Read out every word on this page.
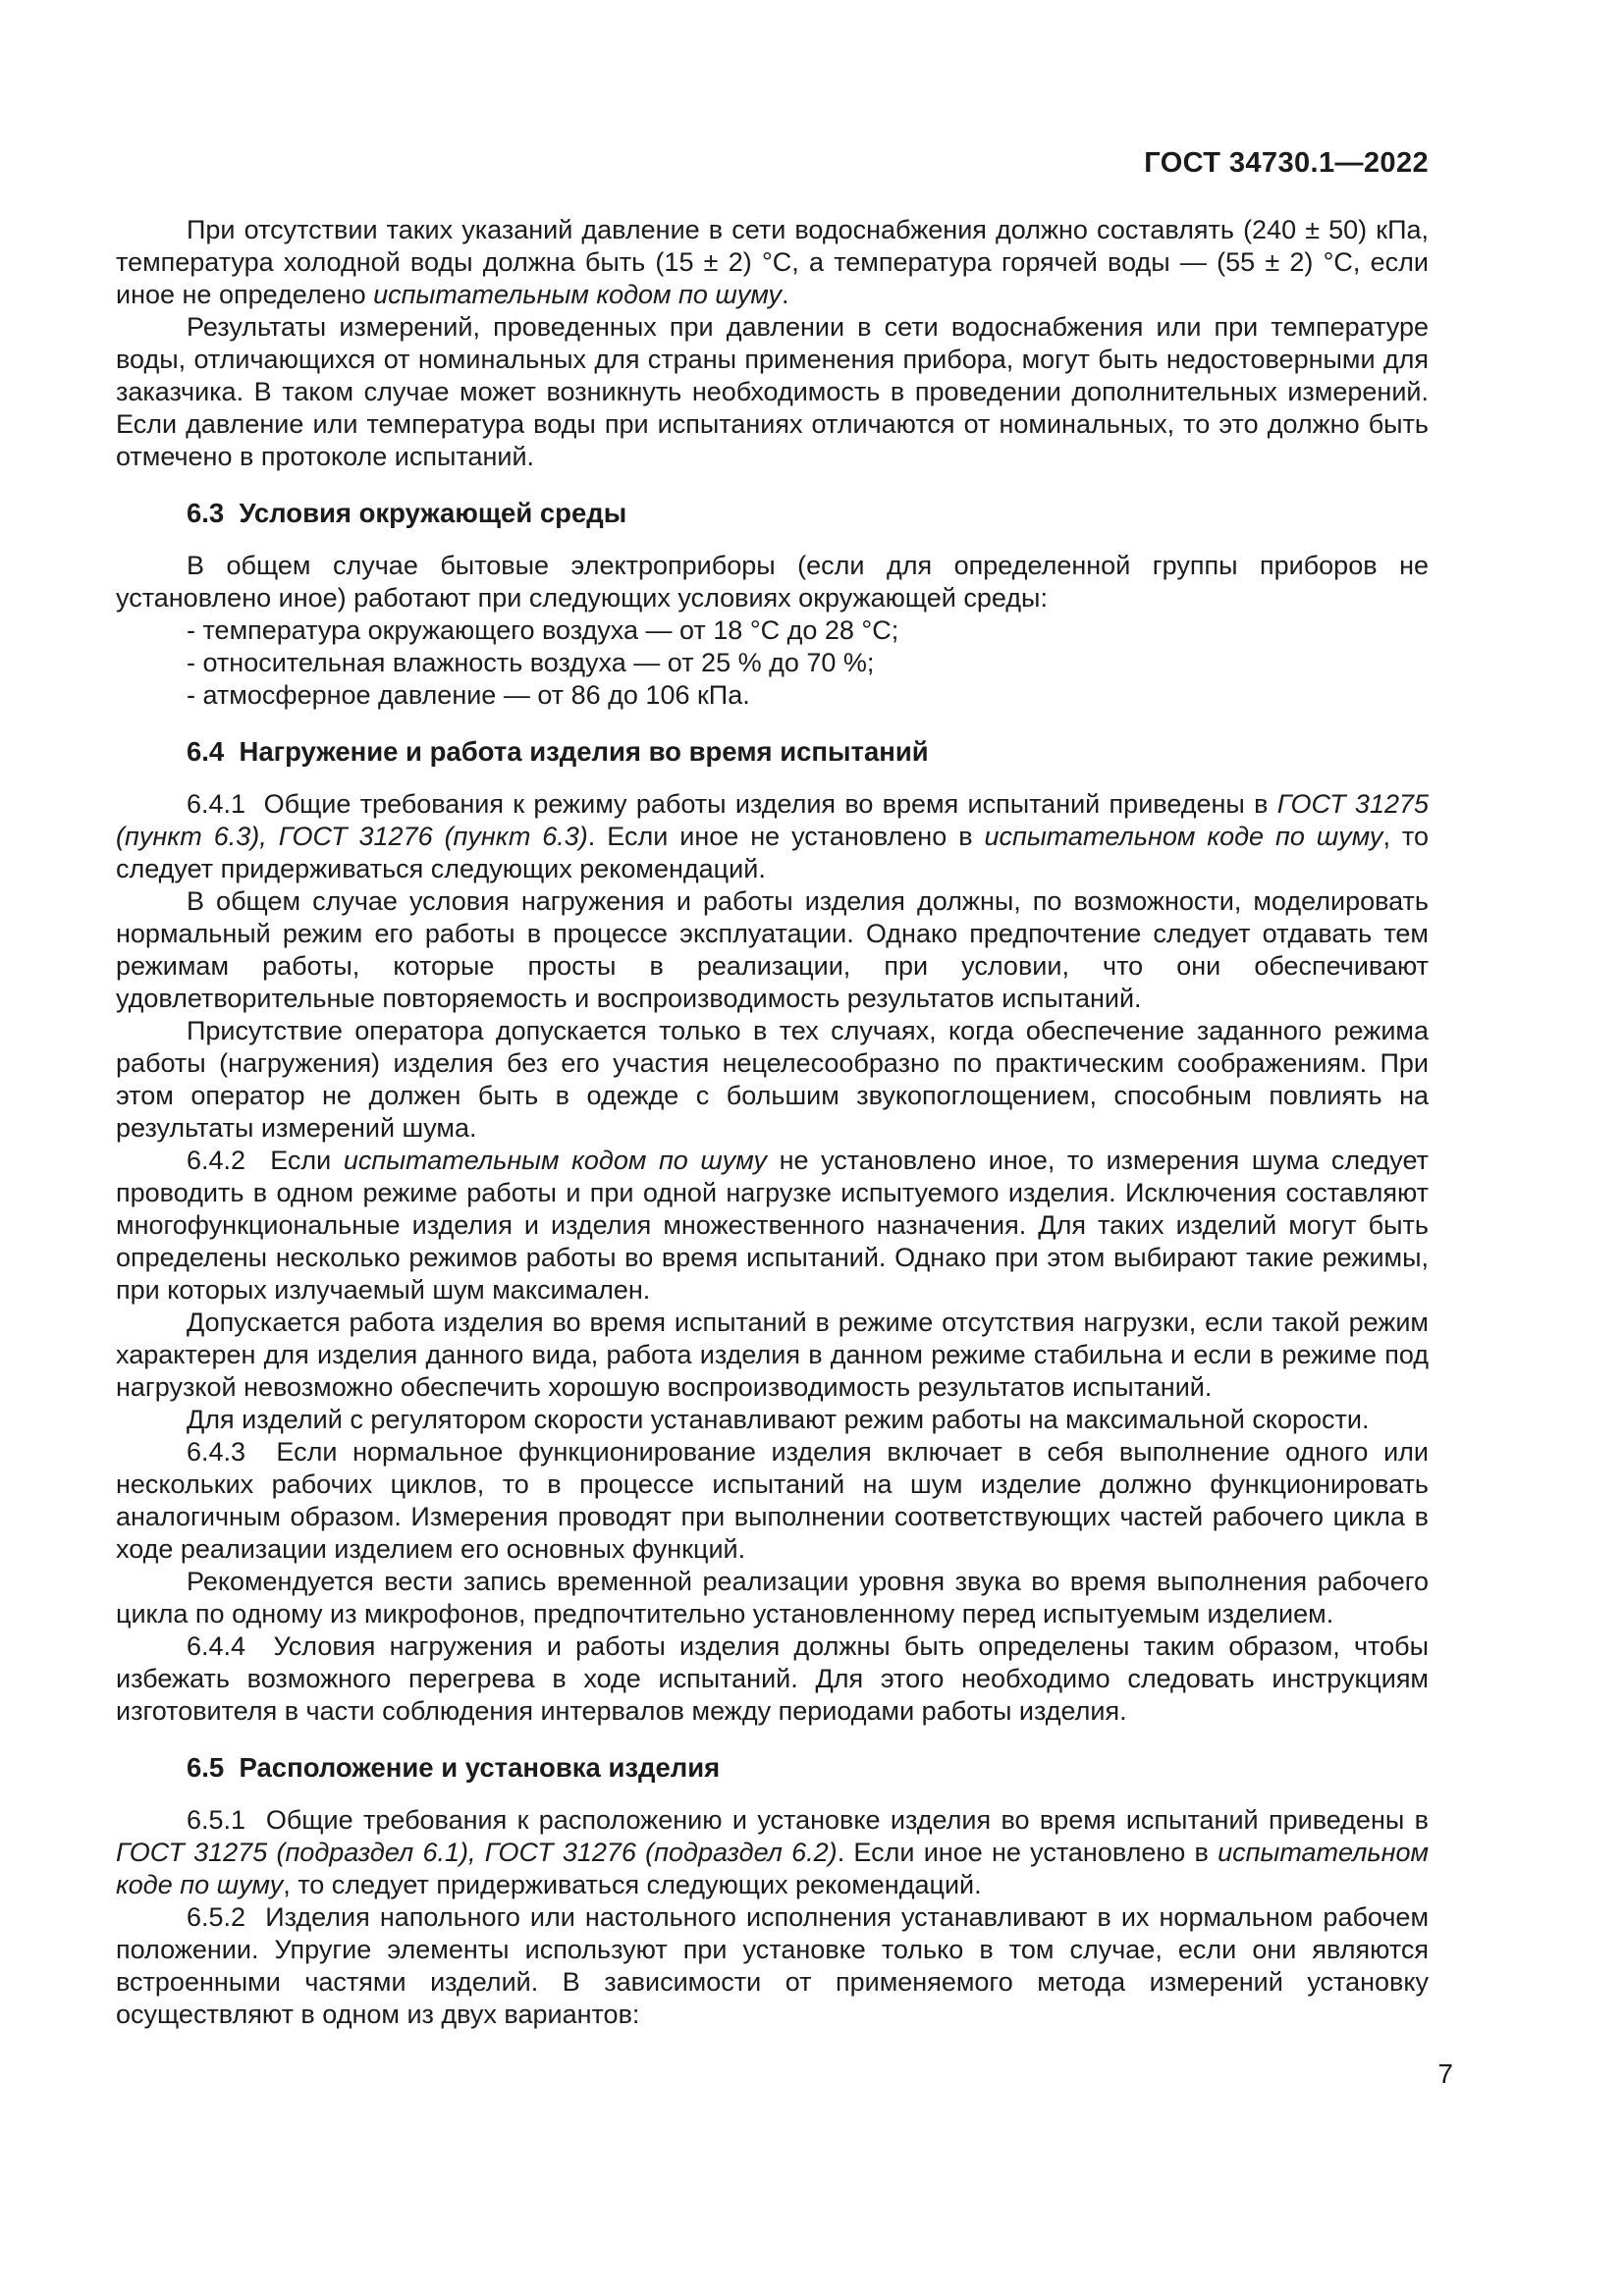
ГОСТ 34730.1—2022

При отсутствии таких указаний давление в сети водоснабжения должно составлять (240 ± 50) кПа, температура холодной воды должна быть (15 ± 2) °С, а температура горячей воды — (55 ± 2) °С, если иное не определено испытательным кодом по шуму.

Результаты измерений, проведенных при давлении в сети водоснабжения или при температуре воды, отличающихся от номинальных для страны применения прибора, могут быть недостоверными для заказчика. В таком случае может возникнуть необходимость в проведении дополнительных измерений. Если давление или температура воды при испытаниях отличаются от номинальных, то это должно быть отмечено в протоколе испытаний.

6.3  Условия окружающей среды

В общем случае бытовые электроприборы (если для определенной группы приборов не установлено иное) работают при следующих условиях окружающей среды:

- температура окружающего воздуха — от 18 °С до 28 °С;

- относительная влажность воздуха — от 25 % до 70 %;

- атмосферное давление — от 86 до 106 кПа.

6.4  Нагружение и работа изделия во время испытаний

6.4.1  Общие требования к режиму работы изделия во время испытаний приведены в ГОСТ 31275 (пункт 6.3), ГОСТ 31276 (пункт 6.3). Если иное не установлено в испытательном коде по шуму, то следует придерживаться следующих рекомендаций.

В общем случае условия нагружения и работы изделия должны, по возможности, моделировать нормальный режим его работы в процессе эксплуатации. Однако предпочтение следует отдавать тем режимам работы, которые просты в реализации, при условии, что они обеспечивают удовлетворительные повторяемость и воспроизводимость результатов испытаний.

Присутствие оператора допускается только в тех случаях, когда обеспечение заданного режима работы (нагружения) изделия без его участия нецелесообразно по практическим соображениям. При этом оператор не должен быть в одежде с большим звукопоглощением, способным повлиять на результаты измерений шума.

6.4.2  Если испытательным кодом по шуму не установлено иное, то измерения шума следует проводить в одном режиме работы и при одной нагрузке испытуемого изделия. Исключения составляют многофункциональные изделия и изделия множественного назначения. Для таких изделий могут быть определены несколько режимов работы во время испытаний. Однако при этом выбирают такие режимы, при которых излучаемый шум максимален.

Допускается работа изделия во время испытаний в режиме отсутствия нагрузки, если такой режим характерен для изделия данного вида, работа изделия в данном режиме стабильна и если в режиме под нагрузкой невозможно обеспечить хорошую воспроизводимость результатов испытаний.

Для изделий с регулятором скорости устанавливают режим работы на максимальной скорости.

6.4.3  Если нормальное функционирование изделия включает в себя выполнение одного или нескольких рабочих циклов, то в процессе испытаний на шум изделие должно функционировать аналогичным образом. Измерения проводят при выполнении соответствующих частей рабочего цикла в ходе реализации изделием его основных функций.

Рекомендуется вести запись временной реализации уровня звука во время выполнения рабочего цикла по одному из микрофонов, предпочтительно установленному перед испытуемым изделием.

6.4.4  Условия нагружения и работы изделия должны быть определены таким образом, чтобы избежать возможного перегрева в ходе испытаний. Для этого необходимо следовать инструкциям изготовителя в части соблюдения интервалов между периодами работы изделия.

6.5  Расположение и установка изделия

6.5.1  Общие требования к расположению и установке изделия во время испытаний приведены в ГОСТ 31275 (подраздел 6.1), ГОСТ 31276 (подраздел 6.2). Если иное не установлено в испытательном коде по шуму, то следует придерживаться следующих рекомендаций.

6.5.2  Изделия напольного или настольного исполнения устанавливают в их нормальном рабочем положении. Упругие элементы используют при установке только в том случае, если они являются встроенными частями изделий. В зависимости от применяемого метода измерений установку осуществляют в одном из двух вариантов:

7
